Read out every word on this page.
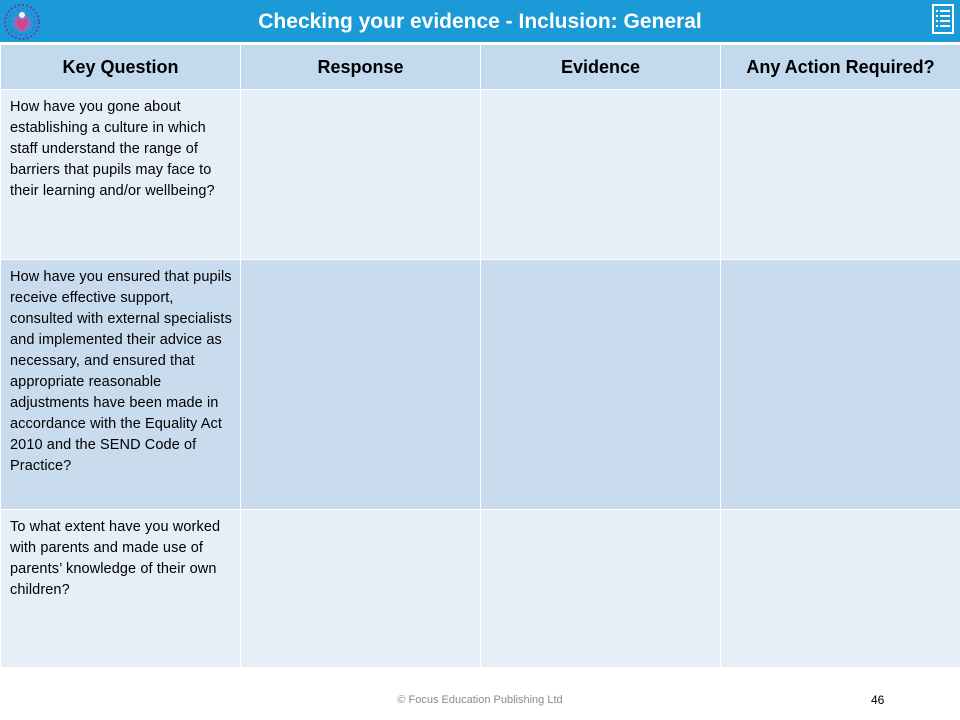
Checking your evidence - Inclusion: General
Key Question	Response	Evidence	Any Action Required?
How have you gone about establishing a culture in which staff understand the range of barriers that pupils may face to their learning and/or wellbeing?			
How have you ensured that pupils receive effective support, consulted with external specialists and implemented their advice as necessary, and ensured that appropriate reasonable adjustments have been made in accordance with the Equality Act 2010 and the SEND Code of Practice?			
To what extent have you worked with parents and made use of parents’ knowledge of their own children?			
© Focus Education Publishing Ltd	46
